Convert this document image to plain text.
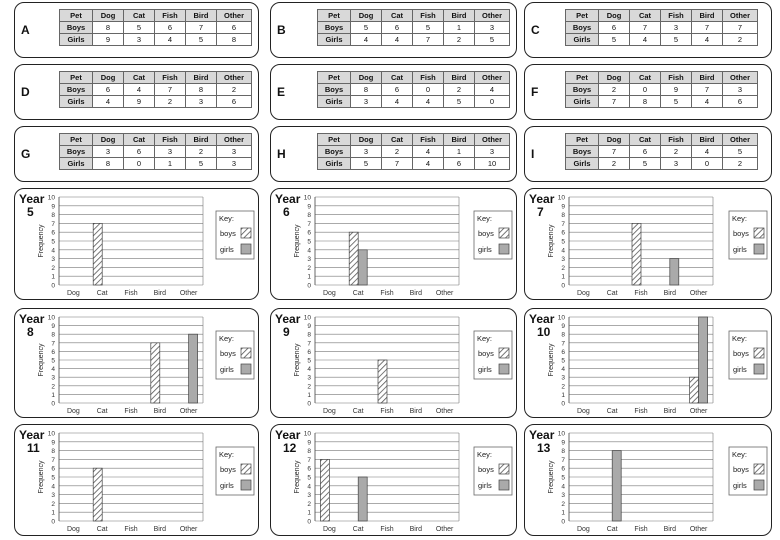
A
Pet	Dog	Cat	Fish	Bird	Other
Boys	8	5	6	7	6
Girls	9	3	4	5	8
B
Pet	Dog	Cat	Fish	Bird	Other
Boys	5	6	5	1	3
Girls	4	4	7	2	5
C
Pet	Dog	Cat	Fish	Bird	Other
Boys	6	7	3	7	7
Girls	5	4	5	4	2
D
Pet	Dog	Cat	Fish	Bird	Other
Boys	6	4	7	8	2
Girls	4	9	2	3	6
E
Pet	Dog	Cat	Fish	Bird	Other
Boys	8	6	0	2	4
Girls	3	4	4	5	0
F
Pet	Dog	Cat	Fish	Bird	Other
Boys	2	0	9	7	3
Girls	7	8	5	4	6
G
Pet	Dog	Cat	Fish	Bird	Other
Boys	3	6	3	2	3
Girls	8	0	1	5	3
H
Pet	Dog	Cat	Fish	Bird	Other
Boys	3	2	4	1	3
Girls	5	7	4	6	10
I
Pet	Dog	Cat	Fish	Bird	Other
Boys	7	6	2	4	5
Girls	2	5	3	0	2
Year
5
0
1
2
3
4
5
6
7
8
9
10
Frequency
Dog Cat Fish Bird Other
Key:
boys
girls
Year
6
0
1
2
3
4
5
6
7
8
9
10
Frequency
Dog Cat Fish Bird Other
Key:
boys
girls
Year
7
0
1
2
3
4
5
6
7
8
9
10
Frequency
Dog Cat Fish Bird Other
Key:
boys
girls
Year
8
0
1
2
3
4
5
6
7
8
9
10
Frequency
Dog Cat Fish Bird Other
Key:
boys
girls
Year
9
0
1
2
3
4
5
6
7
8
9
10
Frequency
Dog Cat Fish Bird Other
Key:
boys
girls
Year
10
0
1
2
3
4
5
6
7
8
9
10
Frequency
Dog Cat Fish Bird Other
Key:
boys
girls
Year
11
0
1
2
3
4
5
6
7
8
9
10
Frequency
Dog Cat Fish Bird Other
Key:
boys
girls
Year
12
0
1
2
3
4
5
6
7
8
9
10
Frequency
Dog Cat Fish Bird Other
Key:
boys
girls
Year
13
0
1
2
3
4
5
6
7
8
9
10
Frequency
Dog Cat Fish Bird Other
Key:
boys
girls
